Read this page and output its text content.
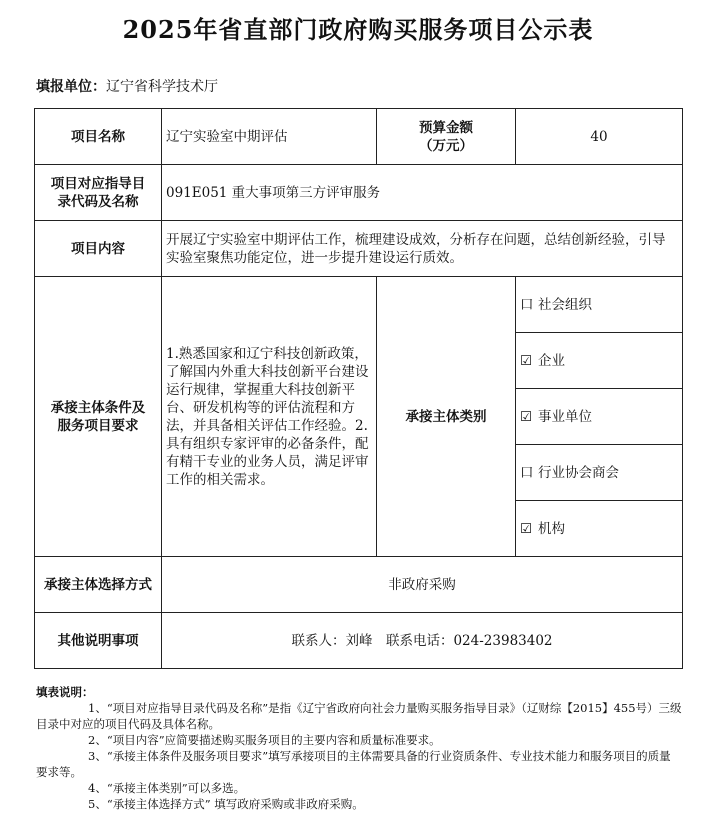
2025年省直部门政府购买服务项目公示表
填报单位：辽宁省科学技术厅
项目名称	辽宁实验室中期评估	预算金额
（万元）	40

项目对应指导目
录代码及名称	091E051 重大事项第三方评审服务		
项目内容	开展辽宁实验室中期评估工作，梳理建设成效，分析存在问题，总结创新经验，引导实验室聚焦功能定位，进一步提升建设运行质效。		

承接主体条件及
服务项目要求	1.熟悉国家和辽宁科技创新政策，了解国内外重大科技创新平台建设运行规律，掌握重大科技创新平台、研发机构等的评估流程和方法，并具备相关评估工作经验。2.具有组织专家评审的必备条件，配有精干专业的业务人员，满足评审工作的相关需求。	承接主体类别	口 社会组织
			☑ 企业
			☑ 事业单位
			口 行业协会商会
			☑ 机构
承接主体选择方式	非政府采购		
其他说明事项	联系人：刘峰　联系电话：024-23983402		
填表说明：

1、“项目对应指导目录代码及名称”是指《辽宁省政府向社会力量购买服务指导目录》（辽财综【2015】455号）三级目录中对应的项目代码及具体名称。

2、“项目内容”应简要描述购买服务项目的主要内容和质量标准要求。

3、“承接主体条件及服务项目要求”填写承接项目的主体需要具备的行业资质条件、专业技术能力和服务项目的质量要求等。

4、“承接主体类别”可以多选。

5、“承接主体选择方式” 填写政府采购或非政府采购。
